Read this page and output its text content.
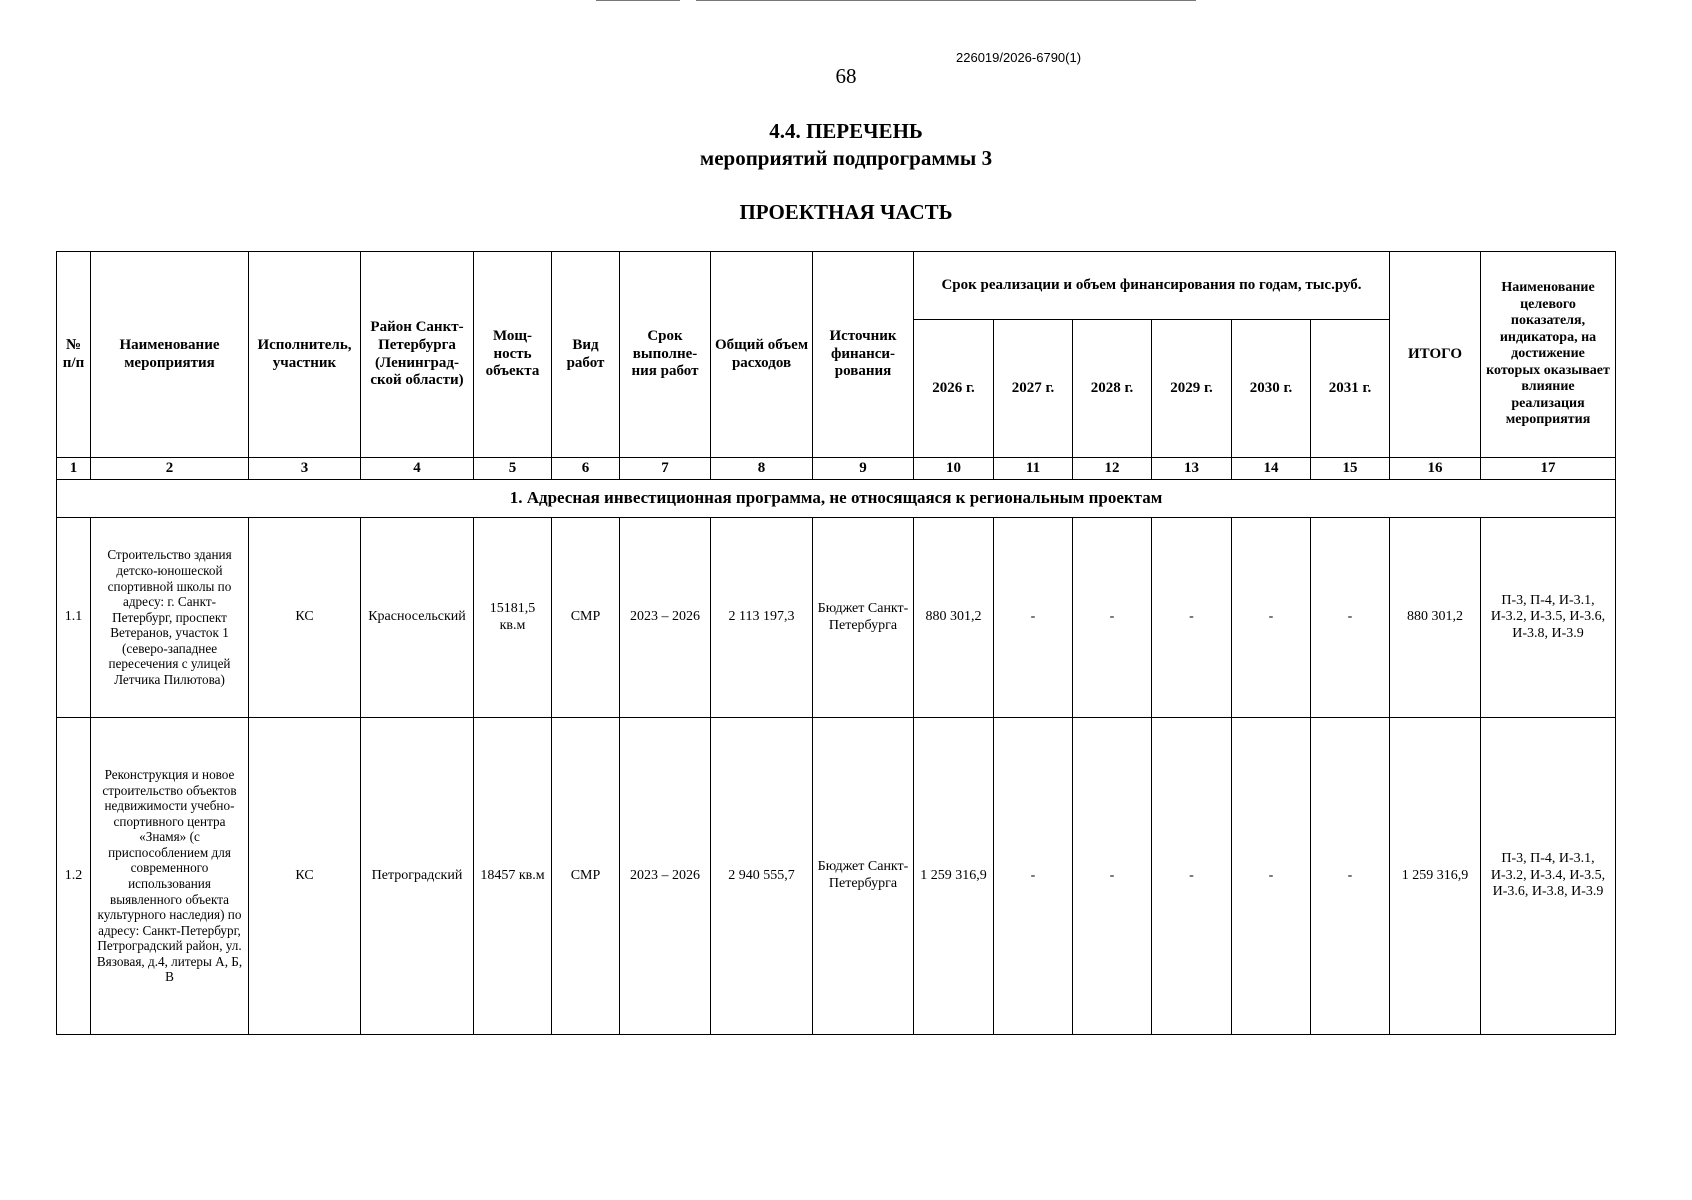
226019/2026-6790(1)
68
4.4. ПЕРЕЧЕНЬ
мероприятий подпрограммы 3
ПРОЕКТНАЯ ЧАСТЬ
№ п/п	Наименование мероприятия	Исполнитель, участник	Район Санкт-Петербурга (Ленинград-ской области)	Мощ-ность объекта	Вид работ	Срок выполне-ния работ	Общий объем расходов	Источник финанси-рования	Срок реализации и объем финансирования по годам, тыс.руб.						ИТОГО	Наименование целевого показателя, индикатора, на достижение которых оказывает влияние реализация мероприятия
									2026 г.	2027 г.	2028 г.	2029 г.	2030 г.	2031 г.		
1	2	3	4	5	6	7	8	9	10	11	12	13	14	15	16	17
1. Адресная инвестиционная программа, не относящаяся к региональным проектам																
1.1	Строительство здания детско-юношеской спортивной школы по адресу: г. Санкт-Петербург, проспект Ветеранов, участок 1 (северо-западнее пересечения с улицей Летчика Пилютова)	КС	Красносельский	15181,5 кв.м	СМР	2023 – 2026	2 113 197,3	Бюджет Санкт-Петербурга	880 301,2	-	-	-	-	-	880 301,2	П-3, П-4, И-3.1, И-3.2, И-3.5, И-3.6, И-3.8, И-3.9
1.2	Реконструкция и новое строительство объектов недвижимости учебно-спортивного центра «Знамя» (с приспособлением для современного использования выявленного объекта культурного наследия) по адресу: Санкт-Петербург, Петроградский район, ул. Вязовая, д.4, литеры А, Б, В	КС	Петроградский	18457 кв.м	СМР	2023 – 2026	2 940 555,7	Бюджет Санкт-Петербурга	1 259 316,9	-	-	-	-	-	1 259 316,9	П-3, П-4, И-3.1, И-3.2, И-3.4, И-3.5, И-3.6, И-3.8, И-3.9
